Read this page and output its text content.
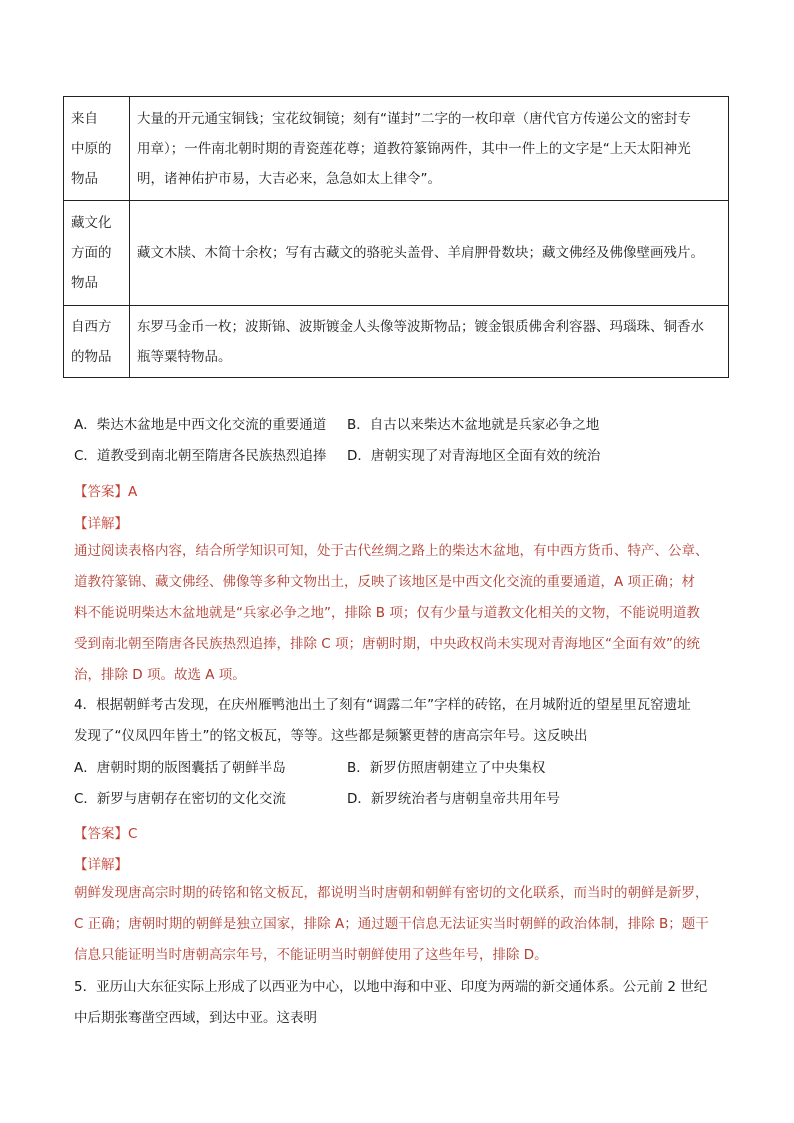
来自
中原的
物品	大量的开元通宝铜钱；宝花纹铜镜；刻有“谨封”二字的一枚印章（唐代官方传递公文的密封专
用章）；一件南北朝时期的青瓷莲花尊；道教符篆锦两件，其中一件上的文字是“上天太阳神光
明，诸神佑护市易，大吉必来，急急如太上律令”。

藏文化
方面的
物品	藏文木牍、木简十余枚；写有古藏文的骆驼头盖骨、羊肩胛骨数块；藏文佛经及佛像壁画残片。

自西方
的物品	东罗马金币一枚；波斯锦、波斯镀金人头像等波斯物品；镀金银质佛舍利容器、玛瑙珠、铜香水
瓶等粟特物品。
A．柴达木盆地是中西文化交流的重要通道 B．自古以来柴达木盆地就是兵家必争之地
C．道教受到南北朝至隋唐各民族热烈追捧 D．唐朝实现了对青海地区全面有效的统治
【答案】A
【详解】
通过阅读表格内容，结合所学知识可知，处于古代丝绸之路上的柴达木盆地，有中西方货币、特产、公章、
道教符篆锦、藏文佛经、佛像等多种文物出土，反映了该地区是中西文化交流的重要通道，A 项正确；材
料不能说明柴达木盆地就是“兵家必争之地”，排除 B 项；仅有少量与道教文化相关的文物，不能说明道教
受到南北朝至隋唐各民族热烈追捧，排除 C 项；唐朝时期，中央政权尚未实现对青海地区“全面有效”的统
治，排除 D 项。故选 A 项。
4．根据朝鲜考古发现，在庆州雁鸭池出土了刻有“调露二年”字样的砖铭，在月城附近的望星里瓦窑遗址
发现了“仪凤四年皆土”的铭文板瓦，等等。这些都是频繁更替的唐高宗年号。这反映出
A．唐朝时期的版图囊括了朝鲜半岛	B．新罗仿照唐朝建立了中央集权
C．新罗与唐朝存在密切的文化交流	D．新罗统治者与唐朝皇帝共用年号
【答案】C
【详解】
朝鲜发现唐高宗时期的砖铭和铭文板瓦，都说明当时唐朝和朝鲜有密切的文化联系，而当时的朝鲜是新罗，
C 正确；唐朝时期的朝鲜是独立国家，排除 A；通过题干信息无法证实当时朝鲜的政治体制，排除 B；题干
信息只能证明当时唐朝高宗年号，不能证明当时朝鲜使用了这些年号，排除 D。
5．亚历山大东征实际上形成了以西亚为中心，以地中海和中亚、印度为两端的新交通体系。公元前 2 世纪
中后期张骞凿空西域，到达中亚。这表明
